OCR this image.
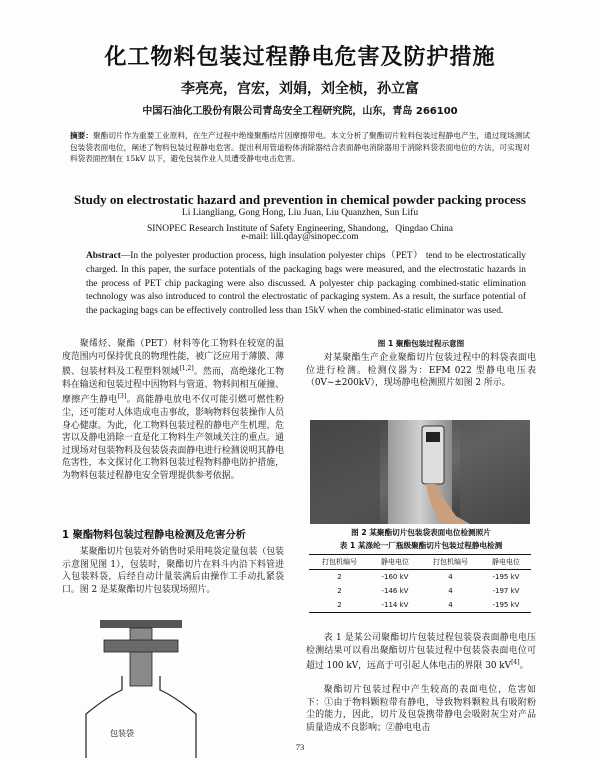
化工物料包装过程静电危害及防护措施
李亮亮，宫宏，刘娟，刘全桢，孙立富
中国石油化工股份有限公司青岛安全工程研究院，山东，青岛 266100
摘要：聚酯切片作为重要工业原料，在生产过程中绝缘聚酯结片因摩擦带电。本文分析了聚酯切片粒料包装过程静电产生，通过现场测试包装袋表面电位，阐述了物料包装过程静电危害。提出利用管道粉体消除器结合表面静电消除器用于消除料袋表面电位的方法，可实现对料袋表面控制在 15kV 以下，避免包装作业人员遭受静电电击危害。
Study on electrostatic hazard and prevention in chemical powder packing process
Li Liangliang, Gong Hong, Liu Juan, Liu Quanzhen, Sun Lifu
SINOPEC Research Institute of Safety Engineering, Shandong，Qingdao China
e-mail: lill.qday@sinopec.com
Abstract—In the polyester production process, high insulation polyester chips（PET） tend to be electrostatically charged. In this paper, the surface potentials of the packaging bags were measured, and the electrostatic hazards in the process of PET chip packaging were also discussed. A polyester chip packaging combined-static elimination technology was also introduced to control the electrostatic of packaging system. As a result, the surface potential of the packaging bags can be effectively controlled less than 15kV when the combined-static eliminator was used.
聚烯烃、聚酯（PET）材料等化工物料在较宽的温度范围内可保持优良的物理性能，被广泛应用于薄膜、薄膜、包装材料及工程塑料领域[1,2]。然而，高绝缘化工物料在输送和包装过程中因物料与管道、物料间相互碰撞、摩擦产生静电[3]。高能静电放电不仅可能引燃可燃性粉尘，还可能对人体造成电击事故，影响物料包装操作人员身心健康。为此，化工物料包装过程的静电产生机理、危害以及静电消除一直是化工物料生产领域关注的重点。通过现场对包装物料及包装袋表面静电进行检测说明其静电危害性，本文探讨化工物料包装过程物料静电防护措施，为物料包装过程静电安全管理提供参考依据。
1 聚酯物料包装过程静电检测及危害分析
某聚酯切片包装对外销售时采用吨袋定量包装（包装示意图见图 1），包装时，聚酯切片在料斗内沿下料管进入包装料袋，后经自动计量装满后由操作工手动扎紧袋口。图 2 是某聚酯切片包装现场照片。
包装袋
图 1 聚酯包装过程示意图
对某聚酯生产企业聚酯切片包装过程中的料袋表面电位进行检测。检测仪器为：EFM 022 型静电电压表（0V~±200kV），现场静电检测照片如图 2 所示。
图 2 某聚酯切片包装袋表面电位检测照片
表 1 某涤纶一厂瓶级聚酯切片包装过程静电检测
打包机编号	静电电位	打包机编号	静电电位
2	-160 kV	4	-195 kV
2	-146 kV	4	-197 kV
2	-114 kV	4	-195 kV
表 1 是某公司聚酯切片包装过程包装袋表面静电电压检测结果可以看出聚酯切片包装过程中包装袋表面电位可超过 100 kV，远高于可引起人体电击的界限 30 kV[4]。
聚酯切片包装过程中产生较高的表面电位，危害如下：①由于物料颗粒带有静电，导致物料颗粒具有吸附粉尘的能力，因此，切片及包袋携带静电会吸附灰尘对产品质量造成不良影响；②静电电击
73
